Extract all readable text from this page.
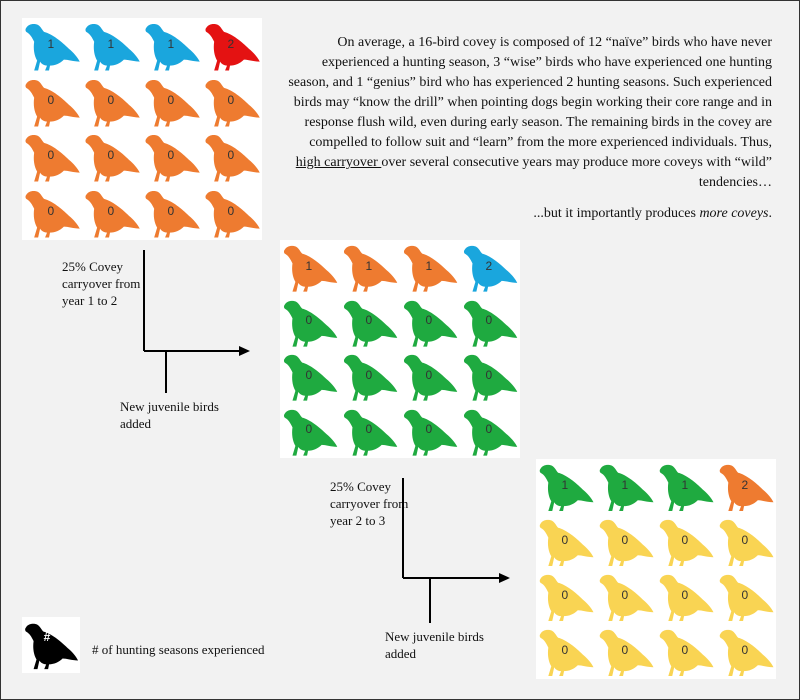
1	1	1	2
0	0	0	0
0	0	0	0
0	0	0	0
1	1	1	2
0	0	0	0
0	0	0	0
0	0	0	0
1	1	1	2
0	0	0	0
0	0	0	0
0	0	0	0

On average, a 16-bird covey is composed of 12 “naïve” birds who have never experienced a hunting season, 3 “wise” birds who have experienced one hunting season, and 1 “genius” bird who has experienced 2 hunting seasons. Such experienced birds may “know the drill” when pointing dogs begin working their core range and in response flush wild, even during early season. The remaining birds in the covey are compelled to follow suit and “learn” from the more experienced individuals. Thus, high carryover over several consecutive years may produce more coveys with “wild” tendencies…

...but it importantly produces more coveys.

25% Covey carryover from year 1 to 2

New juvenile birds added

25% Covey carryover from year 2 to 3

New juvenile birds added

#

# of hunting seasons experienced
